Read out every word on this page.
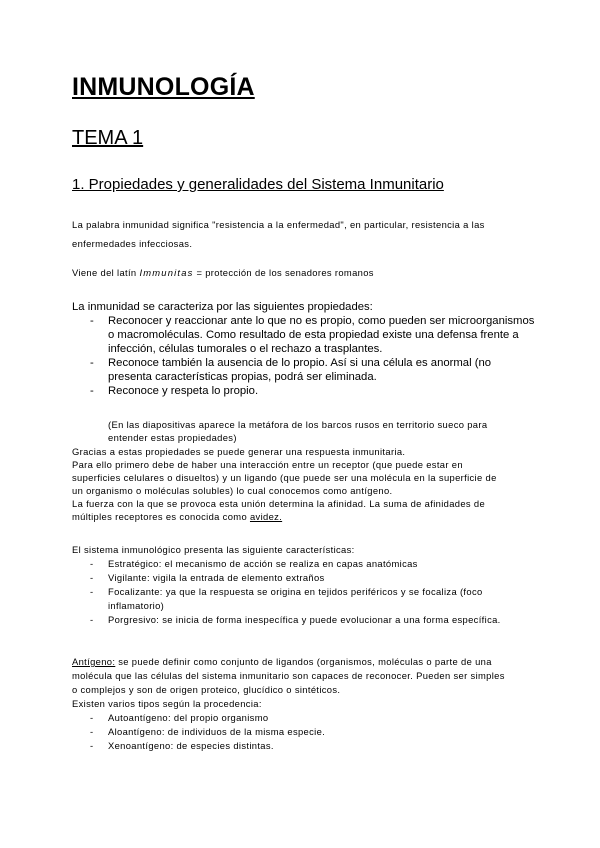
INMUNOLOGÍA
TEMA 1
1. Propiedades y generalidades del Sistema Inmunitario

La palabra inmunidad significa "resistencia a la enfermedad", en particular, resistencia a las

enfermedades infecciosas.

Viene del latín Immunitas = protección de los senadores romanos

La inmunidad se caracteriza por las siguientes propiedades:

- Reconocer y reaccionar ante lo que no es propio, como pueden ser microorganismos

o macromoléculas. Como resultado de esta propiedad existe una defensa frente a

infección, células tumorales o el rechazo a trasplantes.

- Reconoce también la ausencia de lo propio. Así si una célula es anormal (no

presenta características propias, podrá ser eliminada.

- Reconoce y respeta lo propio.

(En las diapositivas aparece la metáfora de los barcos rusos en territorio sueco para

entender estas propiedades)

Gracias a estas propiedades se puede generar una respuesta inmunitaria.

Para ello primero debe de haber una interacción entre un receptor (que puede estar en

superficies celulares o disueltos) y un ligando (que puede ser una molécula en la superficie de

un organismo o moléculas solubles) lo cual conocemos como antígeno.

La fuerza con la que se provoca esta unión determina la afinidad. La suma de afinidades de

múltiples receptores es conocida como avidez.

El sistema inmunológico presenta las siguiente características:

- Estratégico: el mecanismo de acción se realiza en capas anatómicas

- Vigilante: vigila la entrada de elemento extraños

- Focalizante: ya que la respuesta se origina en tejidos periféricos y se focaliza (foco

inflamatorio)

- Porgresivo: se inicia de forma inespecífica y puede evolucionar a una forma específica.

Antígeno: se puede definir como conjunto de ligandos (organismos, moléculas o parte de una

molécula que las células del sistema inmunitario son capaces de reconocer. Pueden ser simples

o complejos y son de origen proteico, glucídico o sintéticos.

Existen varios tipos según la procedencia:

- Autoantígeno: del propio organismo

- Aloantígeno: de individuos de la misma especie.

- Xenoantígeno: de especies distintas.
